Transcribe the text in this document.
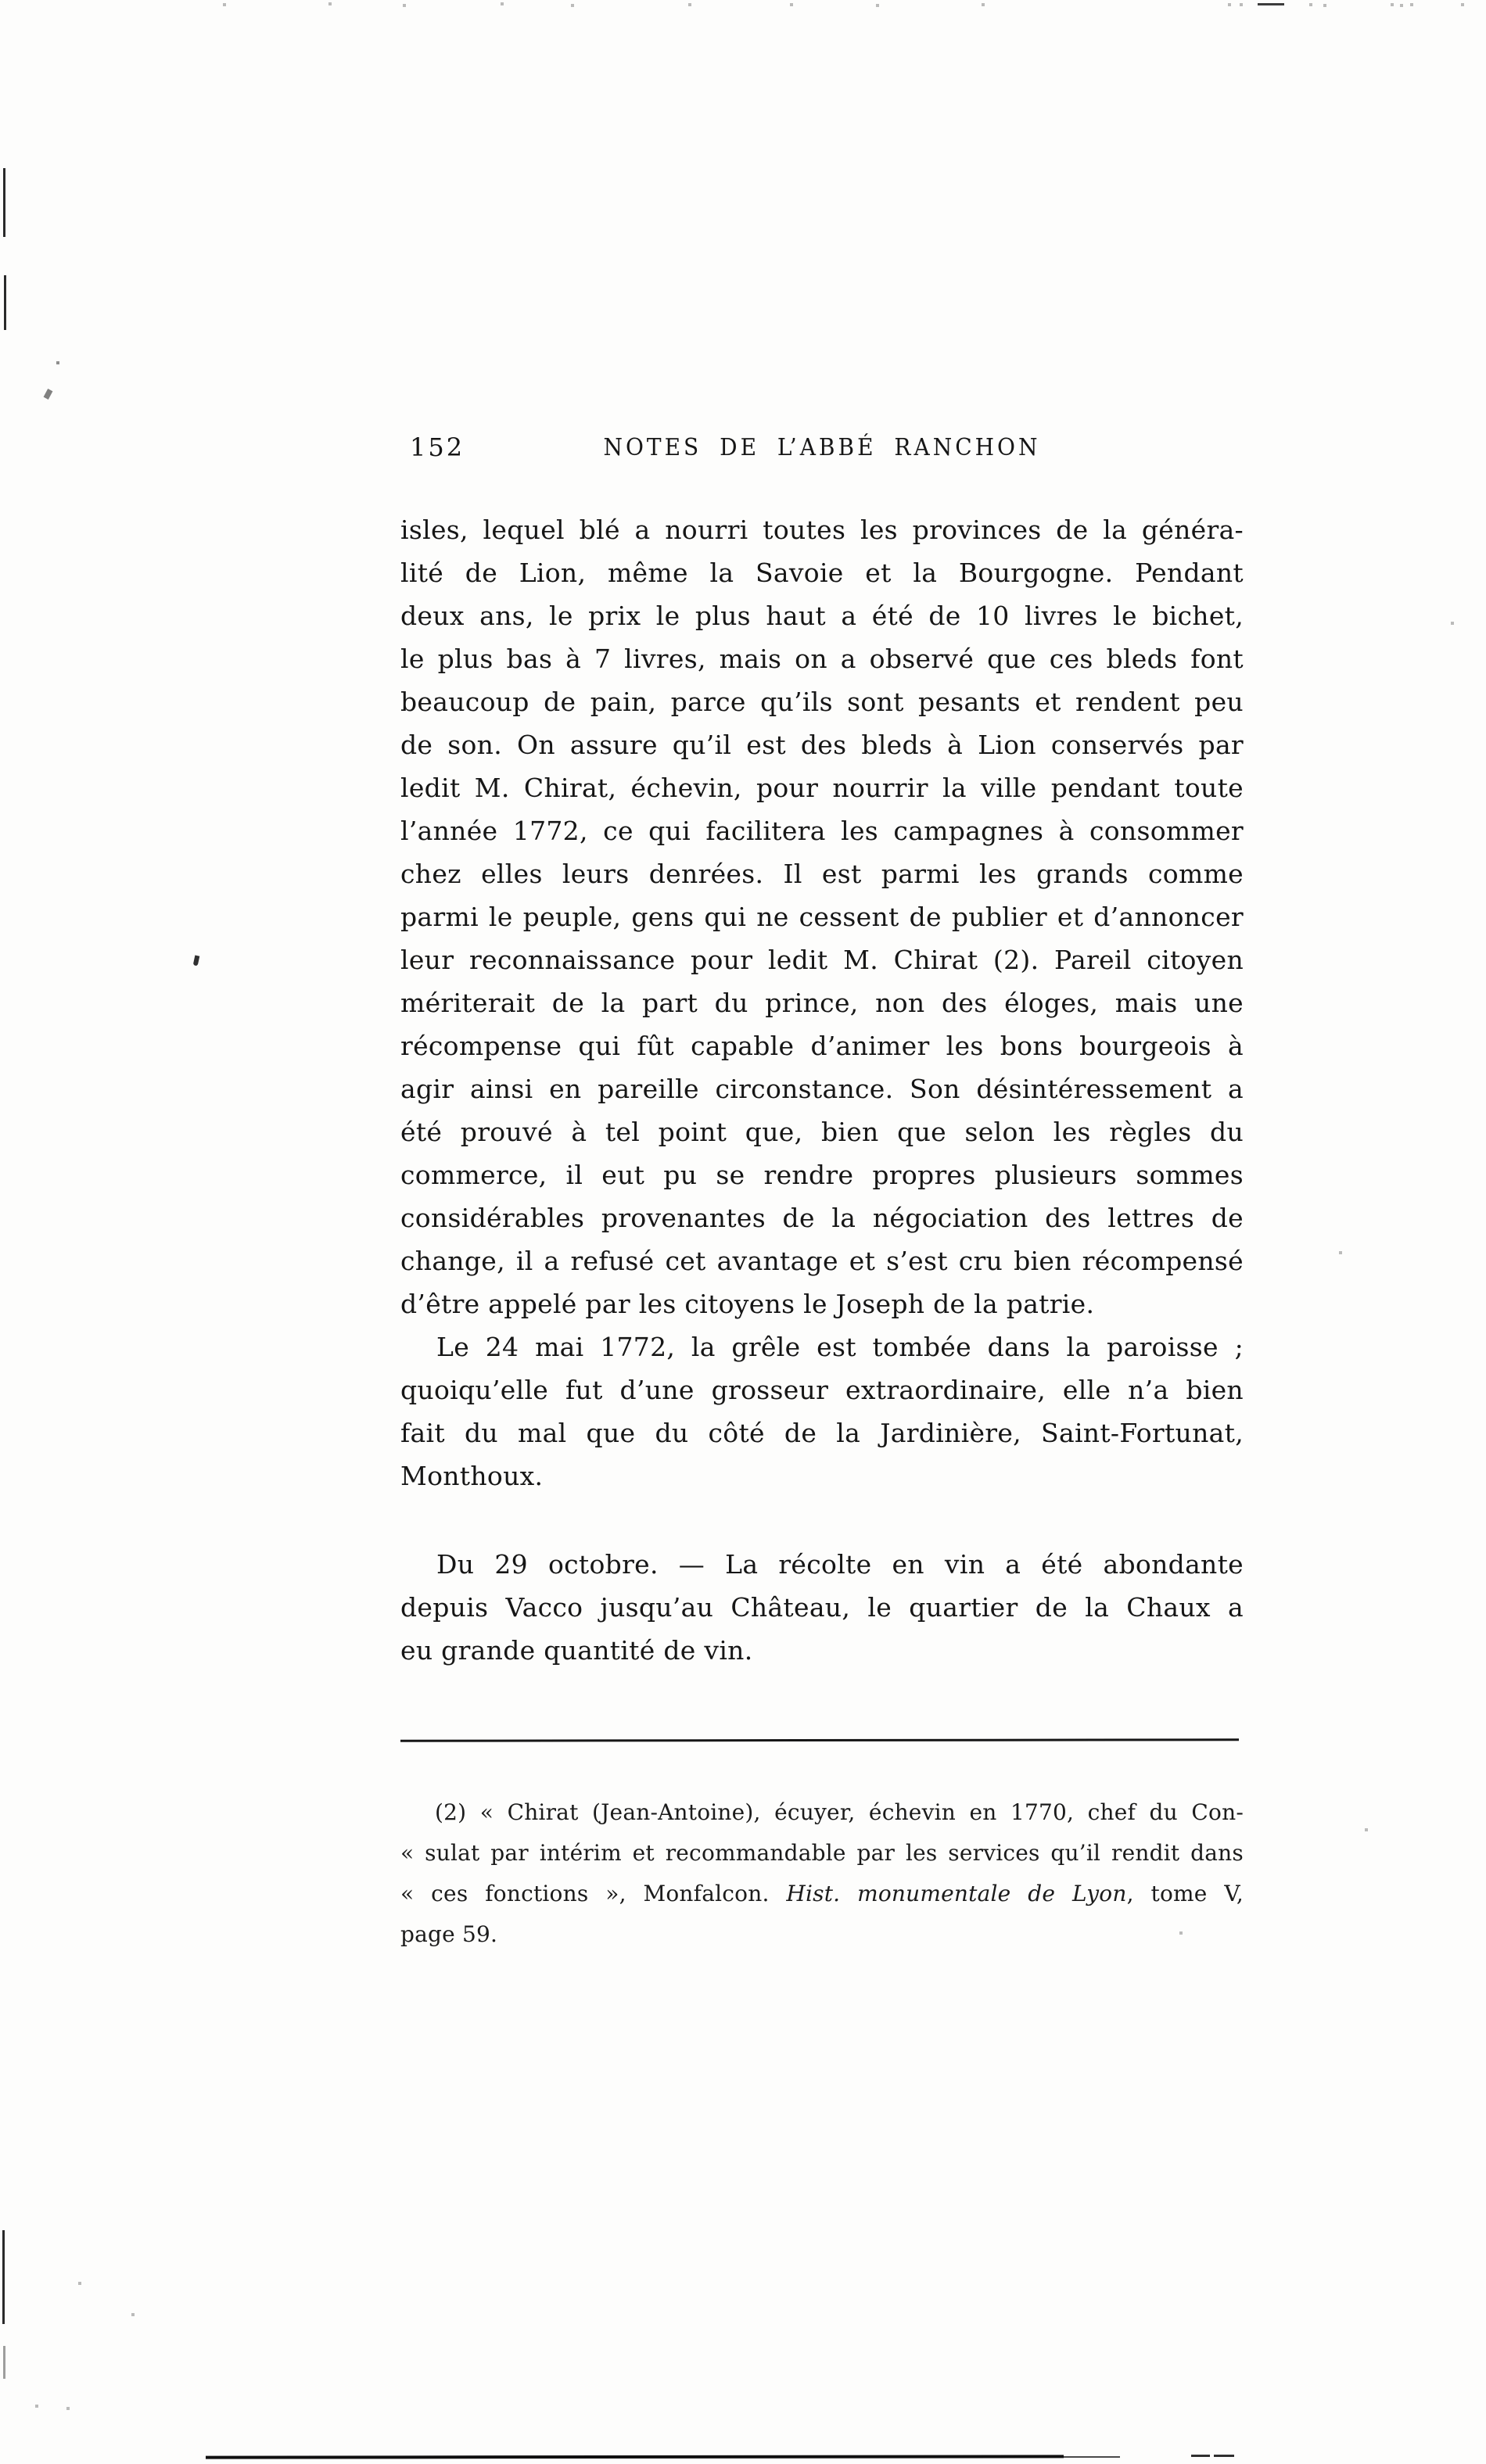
152	NOTES DE L’ABBÉ RANCHON
isles, lequel blé a nourri toutes les provinces de la généra-
lité de Lion, même la Savoie et la Bourgogne. Pendant
deux ans, le prix le plus haut a été de 10 livres le bichet,
le plus bas à 7 livres, mais on a observé que ces bleds font
beaucoup de pain, parce qu’ils sont pesants et rendent peu
de son. On assure qu’il est des bleds à Lion conservés par
ledit M. Chirat, échevin, pour nourrir la ville pendant toute
l’année 1772, ce qui facilitera les campagnes à consommer
chez elles leurs denrées. Il est parmi les grands comme
parmi le peuple, gens qui ne cessent de publier et d’annoncer
leur reconnaissance pour ledit M. Chirat (2). Pareil citoyen
mériterait de la part du prince, non des éloges, mais une
récompense qui fût capable d’animer les bons bourgeois à
agir ainsi en pareille circonstance. Son désintéressement a
été prouvé à tel point que, bien que selon les règles du
commerce, il eut pu se rendre propres plusieurs sommes
considérables provenantes de la négociation des lettres de
change, il a refusé cet avantage et s’est cru bien récompensé
d’être appelé par les citoyens le Joseph de la patrie.
Le 24 mai 1772, la grêle est tombée dans la paroisse ;
quoiqu’elle fut d’une grosseur extraordinaire, elle n’a bien
fait du mal que du côté de la Jardinière, Saint-Fortunat,
Monthoux.
Du 29 octobre. — La récolte en vin a été abondante
depuis Vacco jusqu’au Château, le quartier de la Chaux a
eu grande quantité de vin.
(2) « Chirat (Jean-Antoine), écuyer, échevin en 1770, chef du Con-
« sulat par intérim et recommandable par les services qu’il rendit dans
« ces fonctions », Monfalcon. Hist. monumentale de Lyon, tome V,
page 59.
